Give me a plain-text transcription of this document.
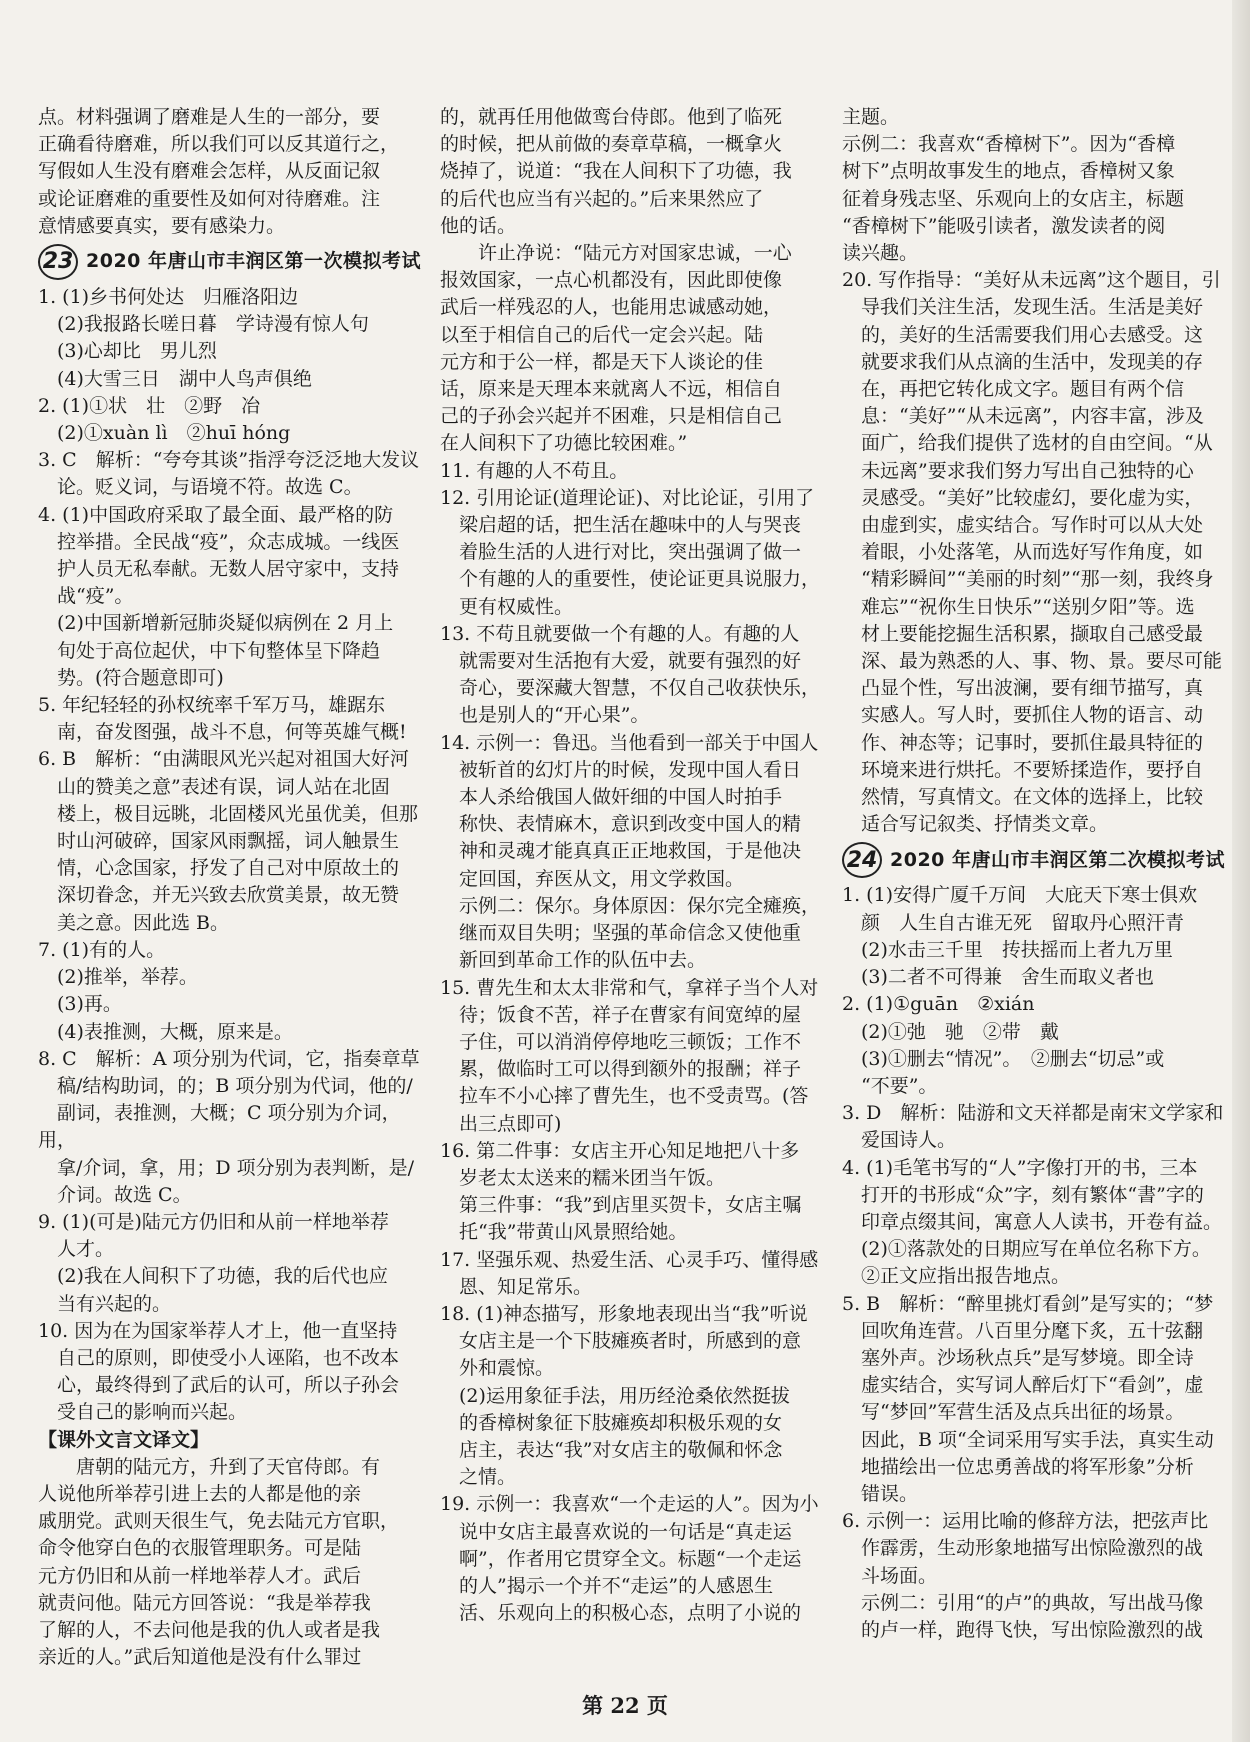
点。材料强调了磨难是人生的一部分，要

正确看待磨难，所以我们可以反其道行之，

写假如人生没有磨难会怎样，从反面记叙

或论证磨难的重要性及如何对待磨难。注

意情感要真实，要有感染力。

23 2020 年唐山市丰润区第一次模拟考试

1. (1)乡书何处达　归雁洛阳边

　(2)我报路长嗟日暮　学诗漫有惊人句

　(3)心却比　男儿烈

　(4)大雪三日　湖中人鸟声俱绝

2. (1)①状　壮　②野　冶

　(2)①xuàn lì　②huī hóng

3. C　解析：“夸夸其谈”指浮夸泛泛地大发议

　论。贬义词，与语境不符。故选 C。

4. (1)中国政府采取了最全面、最严格的防

　控举措。全民战“疫”，众志成城。一线医

　护人员无私奉献。无数人居守家中，支持

　战“疫”。

　(2)中国新增新冠肺炎疑似病例在 2 月上

　旬处于高位起伏，中下旬整体呈下降趋

　势。(符合题意即可)

5. 年纪轻轻的孙权统率千军万马，雄踞东

　南，奋发图强，战斗不息，何等英雄气概!

6. B　解析：“由满眼风光兴起对祖国大好河

　山的赞美之意”表述有误，词人站在北固

　楼上，极目远眺，北固楼风光虽优美，但那

　时山河破碎，国家风雨飘摇，词人触景生

　情，心念国家，抒发了自己对中原故土的

　深切眷念，并无兴致去欣赏美景，故无赞

　美之意。因此选 B。

7. (1)有的人。

　(2)推举，举荐。

　(3)再。

　(4)表推测，大概，原来是。

8. C　解析：A 项分别为代词，它，指奏章草

　稿/结构助词，的；B 项分别为代词，他的/

　副词，表推测，大概；C 项分别为介词，用，

　拿/介词，拿，用；D 项分别为表判断，是/

　介词。故选 C。

9. (1)(可是)陆元方仍旧和从前一样地举荐

　人才。

　(2)我在人间积下了功德，我的后代也应

　当有兴起的。

10. 因为在为国家举荐人才上，他一直坚持

　自己的原则，即使受小人诬陷，也不改本

　心，最终得到了武后的认可，所以子孙会

　受自己的影响而兴起。

【课外文言文译文】

　　唐朝的陆元方，升到了天官侍郎。有

人说他所举荐引进上去的人都是他的亲

戚朋党。武则天很生气，免去陆元方官职，

命令他穿白色的衣服管理职务。可是陆

元方仍旧和从前一样地举荐人才。武后

就责问他。陆元方回答说：“我是举荐我

了解的人，不去问他是我的仇人或者是我

亲近的人。”武后知道他是没有什么罪过

的，就再任用他做鸾台侍郎。他到了临死

的时候，把从前做的奏章草稿，一概拿火

烧掉了，说道：“我在人间积下了功德，我

的后代也应当有兴起的。”后来果然应了

他的话。

　　许止净说：“陆元方对国家忠诚，一心

报效国家，一点心机都没有，因此即使像

武后一样残忍的人，也能用忠诚感动她，

以至于相信自己的后代一定会兴起。陆

元方和于公一样，都是天下人谈论的佳

话，原来是天理本来就离人不远，相信自

己的子孙会兴起并不困难，只是相信自己

在人间积下了功德比较困难。”

11. 有趣的人不苟且。

12. 引用论证(道理论证)、对比论证，引用了

　梁启超的话，把生活在趣味中的人与哭丧

　着脸生活的人进行对比，突出强调了做一

　个有趣的人的重要性，使论证更具说服力，

　更有权威性。

13. 不苟且就要做一个有趣的人。有趣的人

　就需要对生活抱有大爱，就要有强烈的好

　奇心，要深藏大智慧，不仅自己收获快乐，

　也是别人的“开心果”。

14. 示例一：鲁迅。当他看到一部关于中国人

　被斩首的幻灯片的时候，发现中国人看日

　本人杀给俄国人做奸细的中国人时拍手

　称快、表情麻木，意识到改变中国人的精

　神和灵魂才能真真正正地救国，于是他决

　定回国，弃医从文，用文学救国。

　示例二：保尔。身体原因：保尔完全瘫痪，

　继而双目失明；坚强的革命信念又使他重

　新回到革命工作的队伍中去。

15. 曹先生和太太非常和气，拿祥子当个人对

　待；饭食不苦，祥子在曹家有间宽绰的屋

　子住，可以消消停停地吃三顿饭；工作不

　累，做临时工可以得到额外的报酬；祥子

　拉车不小心摔了曹先生，也不受责骂。(答

　出三点即可)

16. 第二件事：女店主开心知足地把八十多

　岁老太太送来的糯米团当午饭。

　第三件事：“我”到店里买贺卡，女店主嘱

　托“我”带黄山风景照给她。

17. 坚强乐观、热爱生活、心灵手巧、懂得感

　恩、知足常乐。

18. (1)神态描写，形象地表现出当“我”听说

　女店主是一个下肢瘫痪者时，所感到的意

　外和震惊。

　(2)运用象征手法，用历经沧桑依然挺拔

　的香樟树象征下肢瘫痪却积极乐观的女

　店主，表达“我”对女店主的敬佩和怀念

　之情。

19. 示例一：我喜欢“一个走运的人”。因为小

　说中女店主最喜欢说的一句话是“真走运

　啊”，作者用它贯穿全文。标题“一个走运

　的人”揭示一个并不“走运”的人感恩生

　活、乐观向上的积极心态，点明了小说的

主题。

示例二：我喜欢“香樟树下”。因为“香樟

树下”点明故事发生的地点，香樟树又象

征着身残志坚、乐观向上的女店主，标题

“香樟树下”能吸引读者，激发读者的阅

读兴趣。

20. 写作指导：“美好从未远离”这个题目，引

　导我们关注生活，发现生活。生活是美好

　的，美好的生活需要我们用心去感受。这

　就要求我们从点滴的生活中，发现美的存

　在，再把它转化成文字。题目有两个信

　息：“美好”“从未远离”，内容丰富，涉及

　面广，给我们提供了选材的自由空间。“从

　未远离”要求我们努力写出自己独特的心

　灵感受。“美好”比较虚幻，要化虚为实，

　由虚到实，虚实结合。写作时可以从大处

　着眼，小处落笔，从而选好写作角度，如

　“精彩瞬间”“美丽的时刻”“那一刻，我终身

　难忘”“祝你生日快乐”“送别夕阳”等。选

　材上要能挖掘生活积累，撷取自己感受最

　深、最为熟悉的人、事、物、景。要尽可能

　凸显个性，写出波澜，要有细节描写，真

　实感人。写人时，要抓住人物的语言、动

　作、神态等；记事时，要抓住最具特征的

　环境来进行烘托。不要矫揉造作，要抒自

　然情，写真情文。在文体的选择上，比较

　适合写记叙类、抒情类文章。

24 2020 年唐山市丰润区第二次模拟考试

1. (1)安得广厦千万间　大庇天下寒士俱欢

　颜　人生自古谁无死　留取丹心照汗青

　(2)水击三千里　抟扶摇而上者九万里

　(3)二者不可得兼　舍生而取义者也

2. (1)①guān　②xián

　(2)①弛　驰　②带　戴

　(3)①删去“情况”。　②删去“切忌”或

　“不要”。

3. D　解析：陆游和文天祥都是南宋文学家和

　爱国诗人。

4. (1)毛笔书写的“人”字像打开的书，三本

　打开的书形成“众”字，刻有繁体“書”字的

　印章点缀其间，寓意人人读书，开卷有益。

　(2)①落款处的日期应写在单位名称下方。

　②正文应指出报告地点。

5. B　解析：“醉里挑灯看剑”是写实的；“梦

　回吹角连营。八百里分麾下炙，五十弦翻

　塞外声。沙场秋点兵”是写梦境。即全诗

　虚实结合，实写词人醉后灯下“看剑”，虚

　写“梦回”军营生活及点兵出征的场景。

　因此，B 项“全词采用写实手法，真实生动

　地描绘出一位忠勇善战的将军形象”分析

　错误。

6. 示例一：运用比喻的修辞方法，把弦声比

　作霹雳，生动形象地描写出惊险激烈的战

　斗场面。

　示例二：引用“的卢”的典故，写出战马像

　的卢一样，跑得飞快，写出惊险激烈的战

第 22 页
